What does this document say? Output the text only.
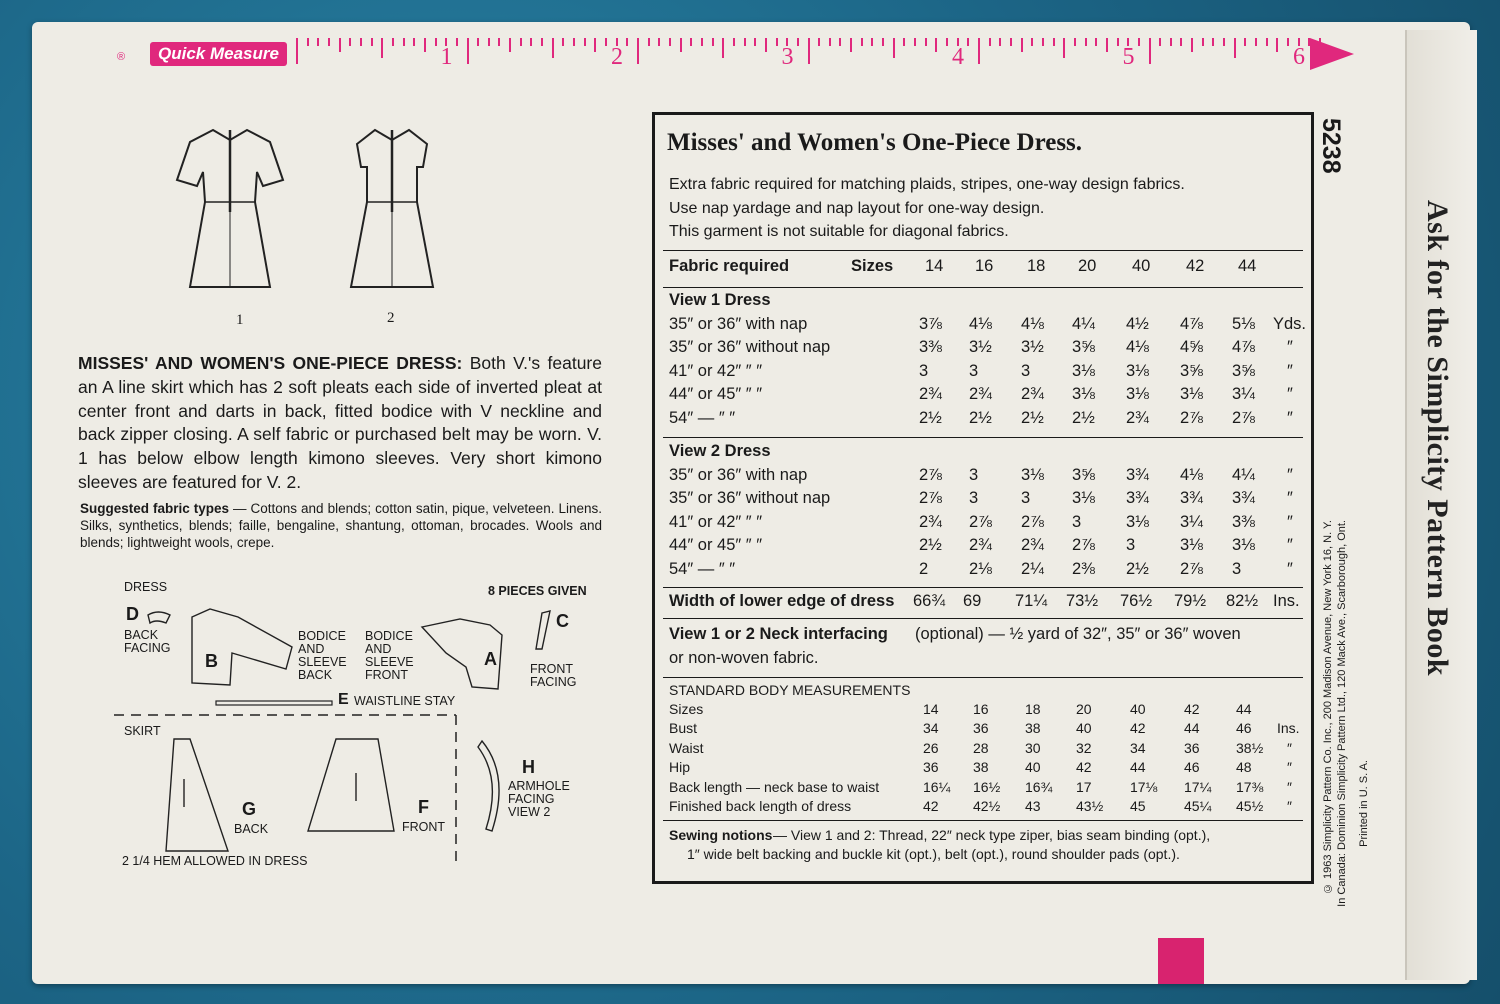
Ask for the Simplicity Pattern Book
®	Quick Measure
1	2
MISSES' AND WOMEN'S ONE-PIECE DRESS: Both V.'s feature an A line skirt which has 2 soft pleats each side of inverted pleat at center front and darts in back, fitted bodice with V neckline and back zipper closing. A self fabric or purchased belt may be worn. V. 1 has below elbow length kimono sleeves. Very short kimono sleeves are featured for V. 2.
Suggested fabric types — Cottons and blends; cotton satin, pique, velveteen. Linens. Silks, synthetics, blends; faille, bengaline, shantung, ottoman, brocades. Wools and blends; lightweight wools, crepe.
DRESS	8 PIECES GIVEN
D
BACK
FACING
B
BODICE
AND
SLEEVE
BACK
BODICE
AND
SLEEVE
FRONT
A
C
FRONT
FACING
E WAISTLINE STAY
SKIRT
G
BACK
F
FRONT
H
ARMHOLE
FACING
VIEW 2
2 1/4 HEM ALLOWED IN DRESS
Misses' and Women's One-Piece Dress.
Extra fabric required for matching plaids, stripes, one-way design fabrics.
Use nap yardage and nap layout for one-way design.
This garment is not suitable for diagonal fabrics.
Fabric required	Sizes 14 16 18 20 40 42 44
View 1 Dress
35″ or 36″ with nap	3⅞ 4⅛ 4⅛ 4¼ 4½ 4⅞ 5⅛ Yds.
35″ or 36″ without nap	3⅜ 3½ 3½ 3⅝ 4⅛ 4⅝ 4⅞ ″
41″ or 42″ ″ ″	3 3	3	3⅛ 3⅛ 3⅝ 3⅝ ″
44″ or 45″ ″ ″	2¾ 2¾ 2¾ 3⅛ 3⅛ 3⅛ 3¼ ″
54″ — ″ ″	2½ 2½ 2½ 2½ 2¾ 2⅞ 2⅞ ″
View 2 Dress
35″ or 36″ with nap	2⅞ 3	3⅛ 3⅝ 3¾ 4⅛ 4¼ ″
35″ or 36″ without nap	2⅞ 3	3	3⅛ 3¾ 3¾ 3¾ ″
41″ or 42″ ″ ″	2¾ 2⅞ 2⅞ 3	3⅛ 3¼ 3⅜ ″
44″ or 45″ ″ ″	2½ 2¾ 2¾ 2⅞ 3	3⅛ 3⅛ ″
54″ — ″ ″	2 2⅛ 2¼ 2⅜ 2½ 2⅞ 3	″
Width of lower edge of dress 66¾ 69 71¼ 73½ 76½ 79½ 82½ Ins.
View 1 or 2 Neck interfacing (optional) — ½ yard of 32″, 35″ or 36″ woven
or non-woven fabric.
STANDARD BODY MEASUREMENTS
Sizes	14 16	18	20	40	42	44
Bust	34 36	38	40	42	44	46 Ins.
Waist	26 28	30	32	34	36	38½ ″
Hip	36 38	40	42	44	46	48	″
Back length — neck base to waist	16¼ 16½ 16¾ 17	17⅛ 17¼ 17⅜ ″
Finished back length of dress	42 42½ 43	43½ 45	45¼ 45½ ″
Sewing notions — View 1 and 2: Thread, 22″ neck type ziper, bias seam binding (opt.),
1″ wide belt backing and buckle kit (opt.), belt (opt.), round shoulder pads (opt.).
5238
© 1963 Simplicity Pattern Co. Inc., 200 Madison Avenue, New York 16, N. Y. In Canada: Dominion Simplicity Pattern Ltd., 120 Mack Ave., Scarborough, Ont. Printed in U. S. A.
1	2	3	4	5	6
